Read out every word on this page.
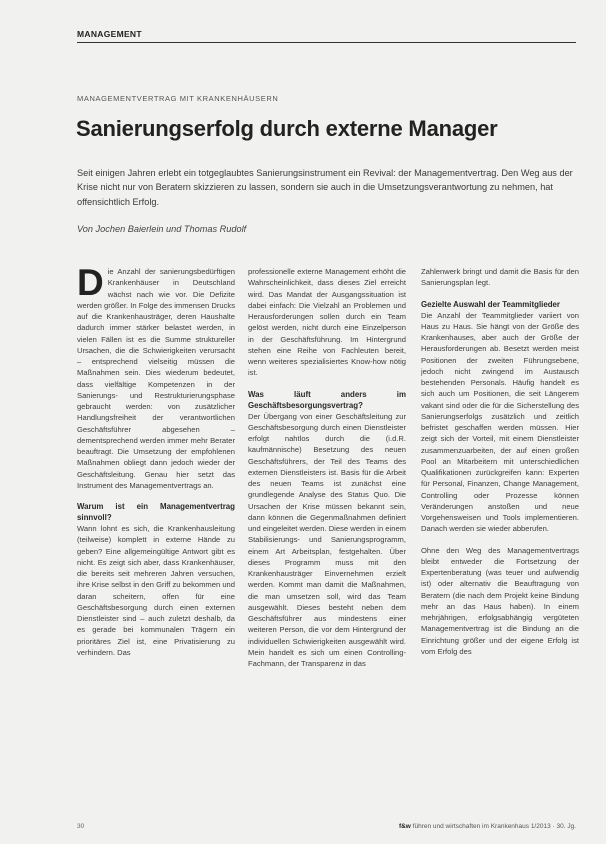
MANAGEMENT
MANAGEMENTVERTRAG MIT KRANKENHÄUSERN
Sanierungserfolg durch externe Manager
Seit einigen Jahren erlebt ein totgeglaubtes Sanierungsinstrument ein Revival: der Managementvertrag. Den Weg aus der Krise nicht nur von Beratern skizzieren zu lassen, sondern sie auch in die Umsetzungsverantwortung zu nehmen, hat offensichtlich Erfolg.
Von Jochen Baierlein und Thomas Rudolf
D ie Anzahl der sanierungsbedürftigen Krankenhäuser in Deutschland wächst nach wie vor. Die Defizite werden größer. In Folge des immensen Drucks auf die Krankenhausträger, deren Haushalte dadurch immer stärker belastet werden, in vielen Fällen ist es die Summe struktureller Ursachen, die die Schwierigkeiten verursacht – entsprechend vielseitig müssen die Maßnahmen sein. Dies wiederum bedeutet, dass vielfältige Kompetenzen in der Sanierungs- und Restrukturierungsphase gebraucht werden: von zusätzlicher Handlungsfreiheit der verantwortlichen Geschäftsführer abgesehen – dementsprechend werden immer mehr Berater beauftragt. Die Umsetzung der empfohlenen Maßnahmen obliegt dann jedoch wieder der Geschäftsleitung. Genau hier setzt das Instrument des Managementvertrags an.

Warum ist ein Managementvertrag sinnvoll?

Wann lohnt es sich, die Krankenhausleitung (teilweise) komplett in externe Hände zu geben? Eine allgemeingültige Antwort gibt es nicht. Es zeigt sich aber, dass Krankenhäuser, die bereits seit mehreren Jahren versuchen, ihre Krise selbst in den Griff zu bekommen und daran scheitern, offen für eine Geschäftsbesorgung durch einen externen Dienstleister sind – auch zuletzt deshalb, da es gerade bei kommunalen Trägern ein prioritäres Ziel ist, eine Privatisierung zu verhindern. Das

professionelle externe Management erhöht die Wahrscheinlichkeit, dass dieses Ziel erreicht wird. Das Mandat der Ausgangssituation ist dabei einfach: Die Vielzahl an Problemen und Herausforderungen sollen durch ein Team gelöst werden, nicht durch eine Einzelperson in der Geschäftsführung. Im Hintergrund stehen eine Reihe von Fachleuten bereit, wenn weiteres spezialisiertes Know-how nötig ist.

Was läuft anders im Geschäftsbesorgungsvertrag?

Der Übergang von einer Geschäftsleitung zur Geschäftsbesorgung durch einen Dienstleister erfolgt nahtlos durch die (i.d.R. kaufmännische) Besetzung des neuen Geschäftsführers, der Teil des Teams des externen Dienstleisters ist. Basis für die Arbeit des neuen Teams ist zunächst eine grundlegende Analyse des Status Quo. Die Ursachen der Krise müssen bekannt sein, dann können die Gegenmaßnahmen definiert und eingeleitet werden. Diese werden in einem Stabilisierungs- und Sanierungsprogramm, einem Art Arbeitsplan, festgehalten. Über dieses Programm muss mit den Krankenhausträger Einvernehmen erzielt werden. Kommt man damit die Maßnahmen, die man umsetzen soll, wird das Team ausgewählt. Dieses besteht neben dem Geschäftsführer aus mindestens einer weiteren Person, die vor dem Hintergrund der individuellen Schwierigkeiten ausgewählt wird. Mein handelt es sich um einen Controlling-Fachmann, der Transparenz in das

Zahlenwerk bringt und damit die Basis für den Sanierungsplan legt.

Gezielte Auswahl der Teammitglieder

Die Anzahl der Teammitglieder variiert von Haus zu Haus. Sie hängt von der Größe des Krankenhauses, aber auch der Größe der Herausforderungen ab. Besetzt werden meist Positionen der zweiten Führungsebene, jedoch nicht zwingend im Austausch bestehenden Personals. Häufig handelt es sich auch um Positionen, die seit Längerem vakant sind oder die für die Sicherstellung des Sanierungserfolgs zusätzlich und zeitlich befristet geschaffen werden müssen. Hier zeigt sich der Vorteil, mit einem Dienstleister zusammenzuarbeiten, der auf einen großen Pool an Mitarbeitern mit unterschiedlichen Qualifikationen zurückgreifen kann: Experten für Personal, Finanzen, Change Management, Controlling oder Prozesse können Veränderungen anstoßen und neue Vorgehensweisen und Tools implementieren. Danach werden sie wieder abberufen.

Ohne den Weg des Managementvertrags bleibt entweder die Fortsetzung der Expertenberatung (was teuer und aufwendig ist) oder alternativ die Beauftragung von Beratern (die nach dem Projekt keine Bindung mehr an das Haus haben). In einem mehrjährigen, erfolgsabhängig vergüteten Managementvertrag ist die Bindung an die Einrichtung größer und der eigene Erfolg ist vom Erfolg des

30	f&w führen und wirtschaften im Krankenhaus 1/2013 · 30. Jg.
